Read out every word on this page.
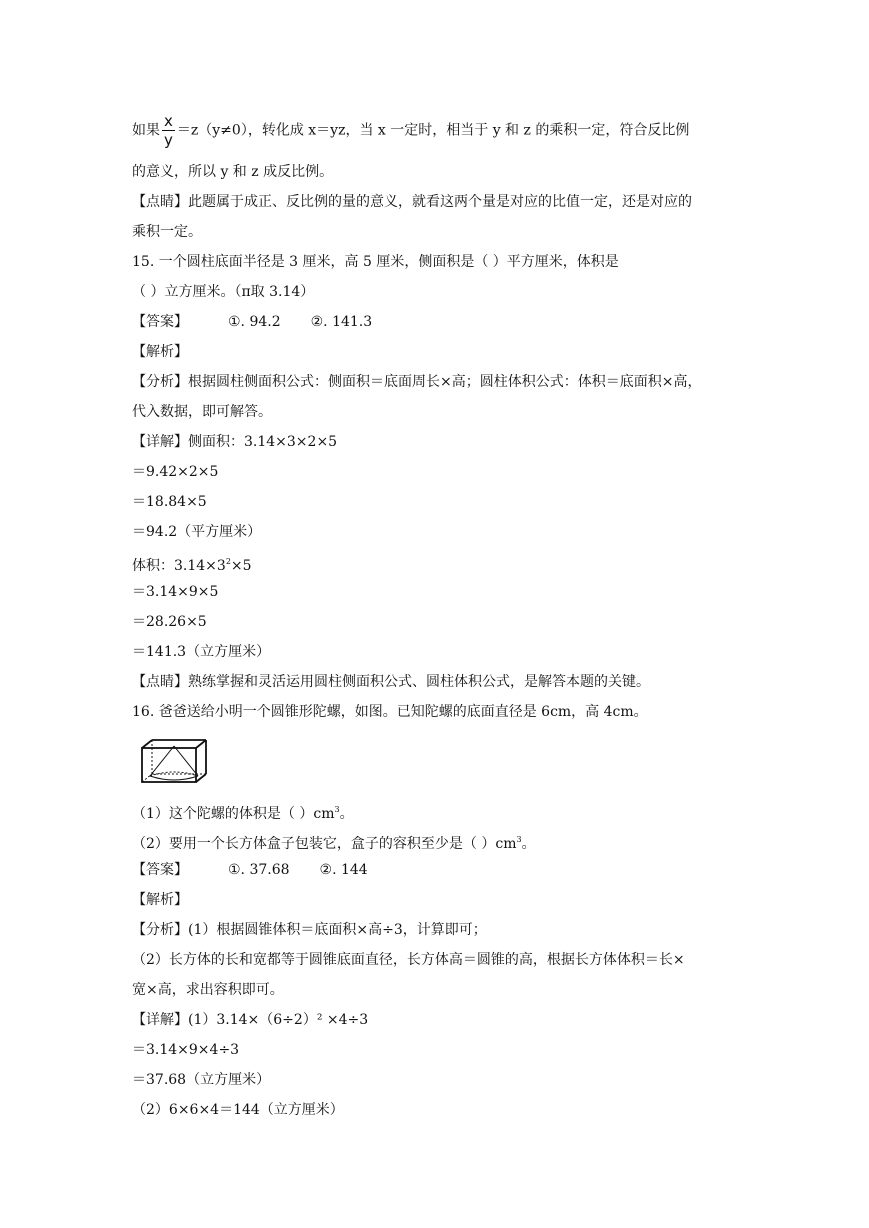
如果 $\frac{x}{y} =z(y\ne 0)$，转化成 x＝yz，当 x 一定时，相当于 y 和 z 的乘积一定，符合反比例
的意义，所以 y 和 z 成反比例。
【点睛】此题属于成正、反比例的量的意义，就看这两个量是对应的比值一定，还是对应的
乘积一定。
15. 一个圆柱底面半径是 3 厘米，高 5 厘米，侧面积是（ ）平方厘米，体积是
（ ）立方厘米。（π取 3.14）
【答案】	①. 94.2 ②. 141.3
【解析】
【分析】根据圆柱侧面积公式：侧面积＝底面周长×高；圆柱体积公式：体积＝底面积×高，
代入数据，即可解答。
【详解】侧面积：3.14×3×2×5
＝9.42×2×5
＝18.84×5
＝94.2（平方厘米）
体积：$3.14\times 3^2\times 5$
＝3.14×9×5
＝28.26×5
＝141.3（立方厘米）
【点睛】熟练掌握和灵活运用圆柱侧面积公式、圆柱体积公式，是解答本题的关键。
16. 爸爸送给小明一个圆锥形陀螺，如图。已知陀螺的底面直径是 6cm，高 4cm。
（1）这个陀螺的体积是（ ）$cm^3$。
（2）要用一个长方体盒子包装它，盒子的容积至少是（ ）$cm^3$。
【答案】	①. 37.68 ②. 144
【解析】
【分析】(1）根据圆锥体积＝底面积×高÷3，计算即可；
（2）长方体的长和宽都等于圆锥底面直径，长方体高＝圆锥的高，根据长方体体积＝长×
宽×高，求出容积即可。
【详解】(1）3.14×（6÷2）² ×4÷3
＝3.14×9×4÷3
＝37.68（立方厘米）
（2）6×6×4＝144（立方厘米）
